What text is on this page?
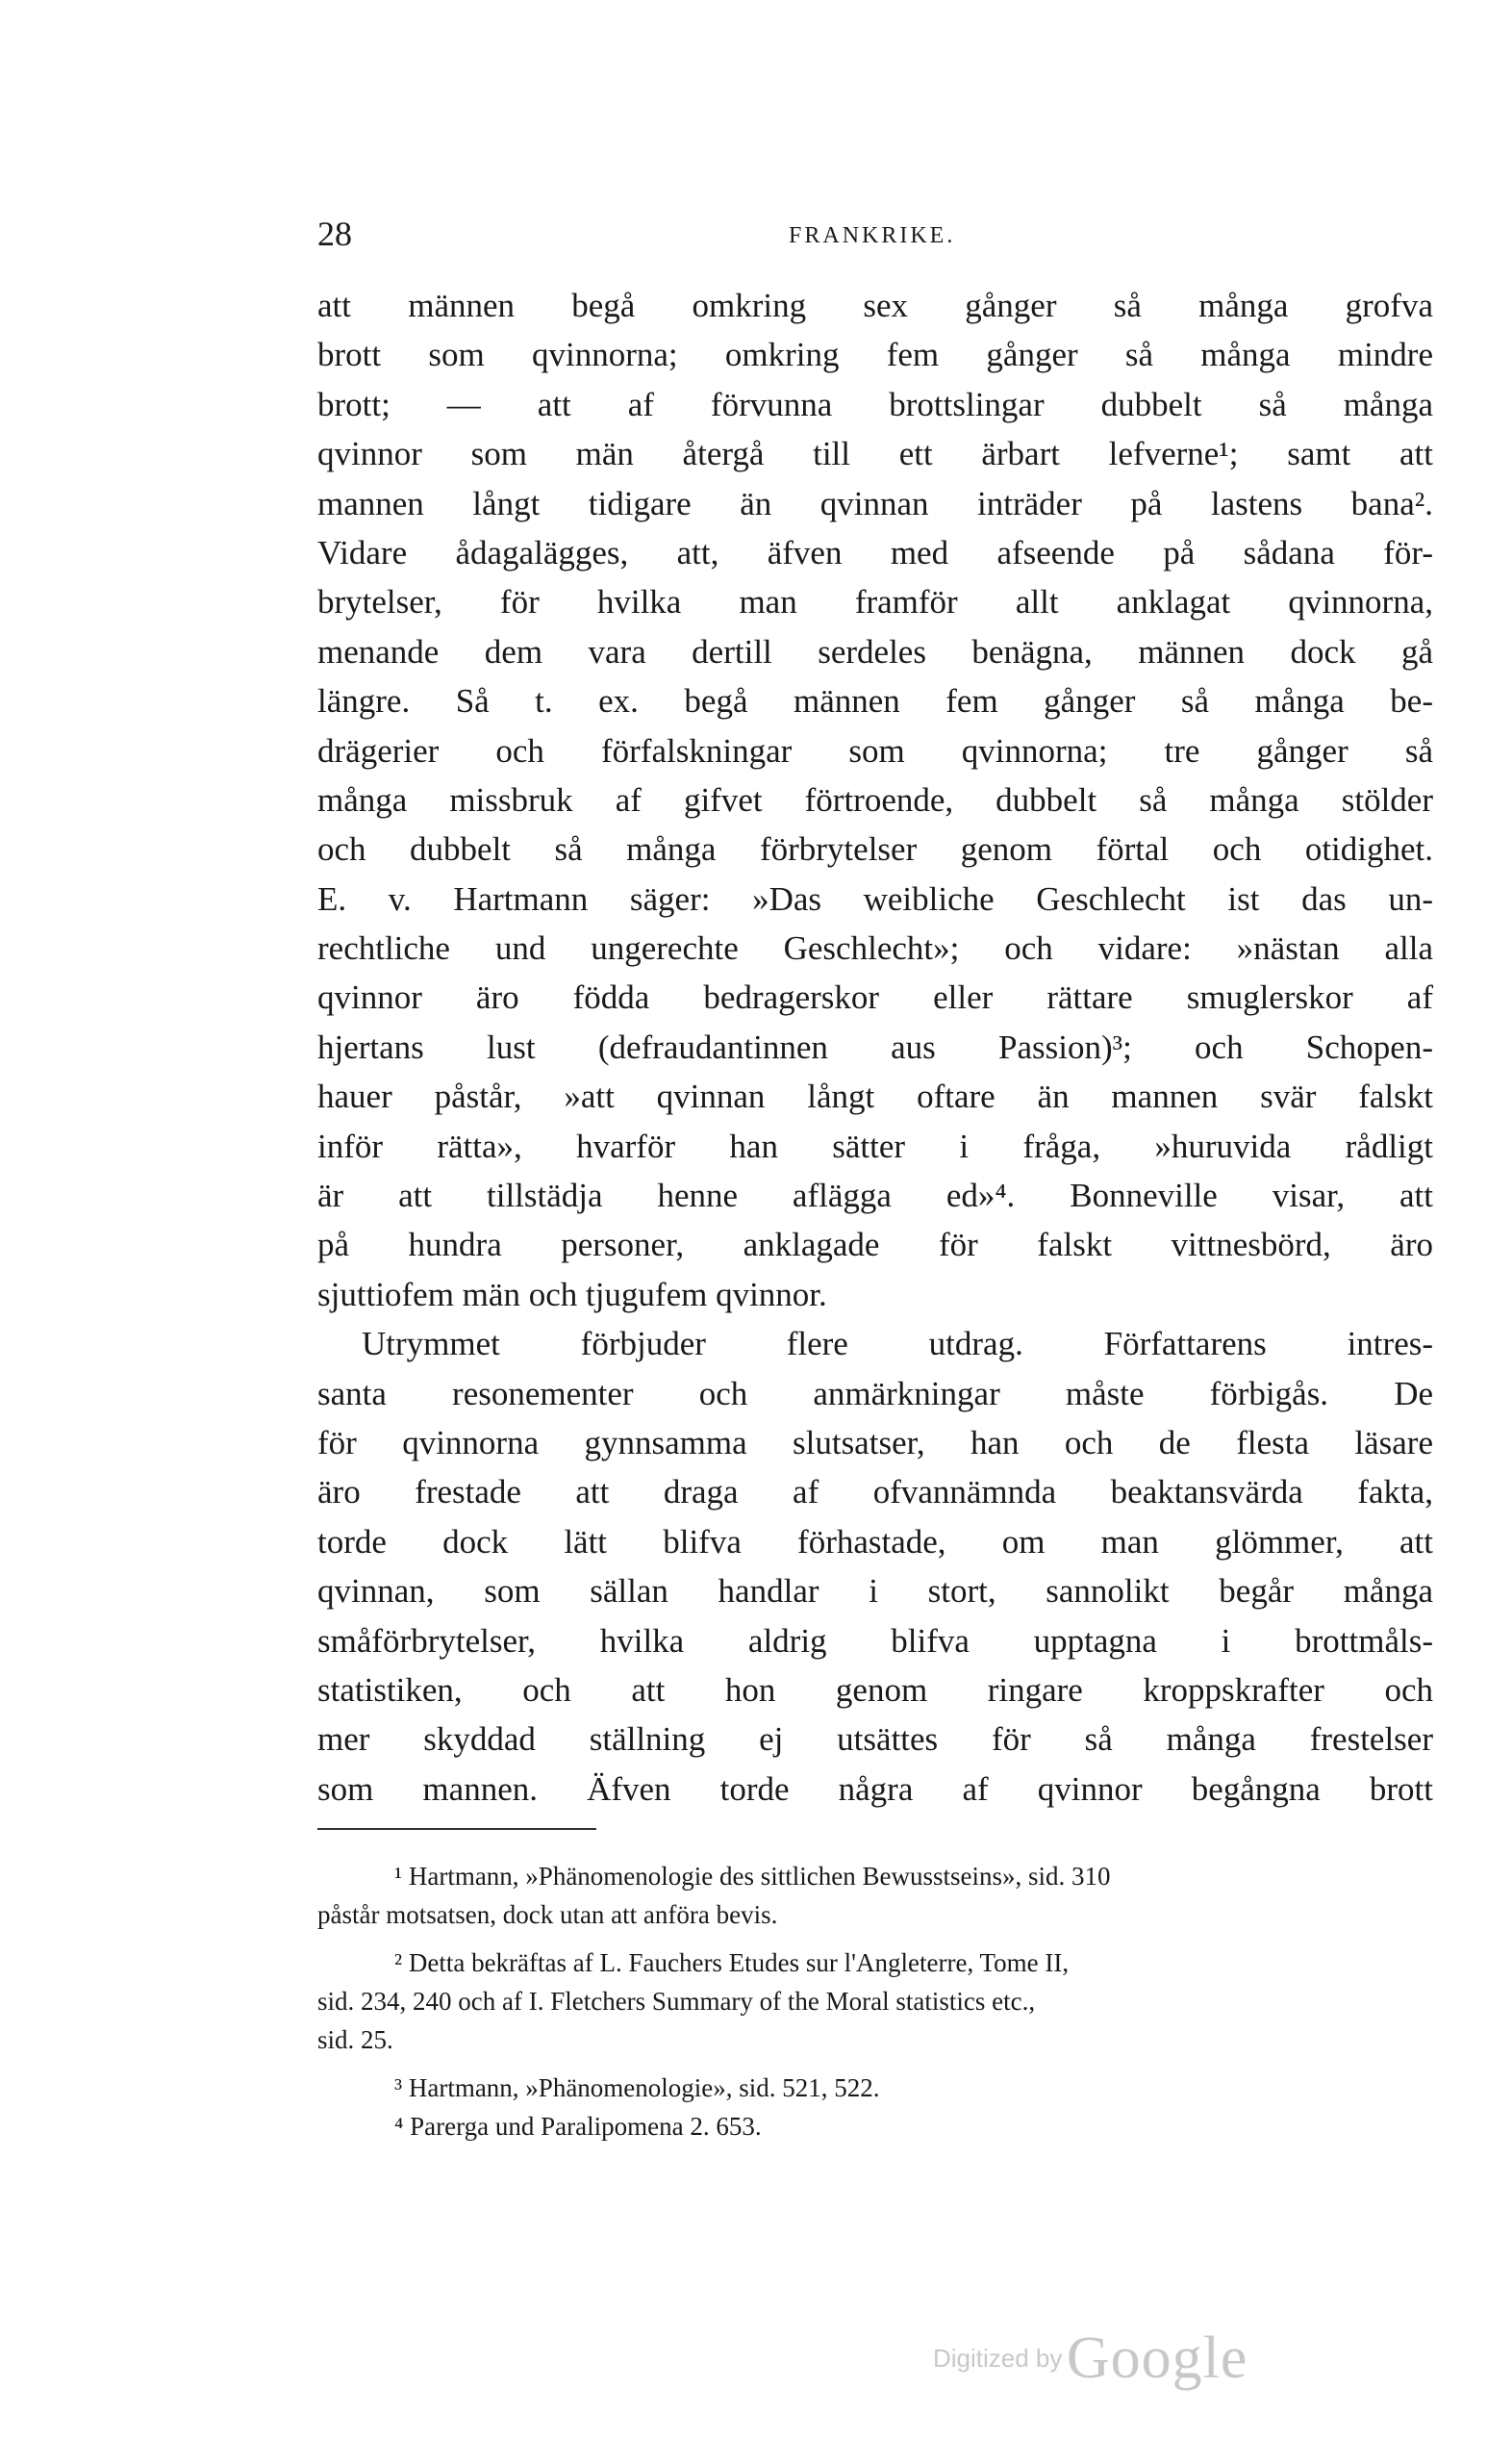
28	FRANKRIKE.
att männen begå omkring sex gånger så många grofva
brott som qvinnorna; omkring fem gånger så många mindre
brott; — att af förvunna brottslingar dubbelt så många
qvinnor som män återgå till ett ärbart lefverne¹; samt att
mannen långt tidigare än qvinnan inträder på lastens bana².
Vidare ådagalägges, att, äfven med afseende på sådana för-
brytelser, för hvilka man framför allt anklagat qvinnorna,
menande dem vara dertill serdeles benägna, männen dock gå
längre. Så t. ex. begå männen fem gånger så många be-
drägerier och förfalskningar som qvinnorna; tre gånger så
många missbruk af gifvet förtroende, dubbelt så många stölder
och dubbelt så många förbrytelser genom förtal och otidighet.
E. v. Hartmann säger: »Das weibliche Geschlecht ist das un-
rechtliche und ungerechte Geschlecht»; och vidare: »nästan alla
qvinnor äro födda bedragerskor eller rättare smuglerskor af
hjertans lust (defraudantinnen aus Passion)³; och Schopen-
hauer påstår, »att qvinnan långt oftare än mannen svär falskt
inför rätta», hvarför han sätter i fråga, »huruvida rådligt
är att tillstädja henne aflägga ed»⁴. Bonneville visar, att
på hundra personer, anklagade för falskt vittnesbörd, äro
sjuttiofem män och tjugufem qvinnor.
Utrymmet förbjuder flere utdrag. Författarens intres-
santa resonementer och anmärkningar måste förbigås. De
för qvinnorna gynnsamma slutsatser, han och de flesta läsare
äro frestade att draga af ofvannämnda beaktansvärda fakta,
torde dock lätt blifva förhastade, om man glömmer, att
qvinnan, som sällan handlar i stort, sannolikt begår många
småförbrytelser, hvilka aldrig blifva upptagna i brottmåls-
statistiken, och att hon genom ringare kroppskrafter och
mer skyddad ställning ej utsättes för så många frestelser
som mannen. Äfven torde några af qvinnor begångna brott
¹ Hartmann, »Phänomenologie des sittlichen Bewusstseins», sid. 310
påstår motsatsen, dock utan att anföra bevis.
² Detta bekräftas af L. Fauchers Etudes sur l'Angleterre, Tome II,
sid. 234, 240 och af I. Fletchers Summary of the Moral statistics etc.,
sid. 25.
³ Hartmann, »Phänomenologie», sid. 521, 522.
⁴ Parerga und Paralipomena 2. 653.
Digitized by Google
